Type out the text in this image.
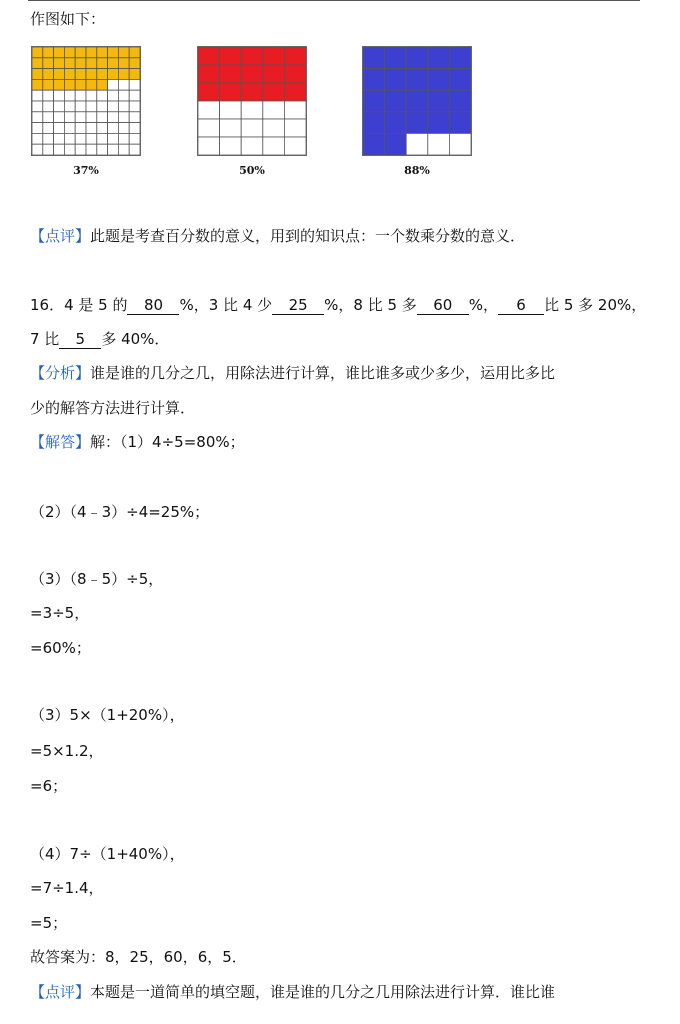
作图如下：
37%	50%	88%
【点评】此题是考查百分数的意义，用到的知识点：一个数乘分数的意义．
16．4 是 5 的 80 %，3 比 4 少 25 %，8 比 5 多 60 %， 6 比 5 多 20%，
7 比 5 多 40%．
【分析】谁是谁的几分之几，用除法进行计算，谁比谁多或少多少，运用比多比
少的解答方法进行计算．
【解答】解：（1）4÷5=80%；
（2）（4﹣3）÷4=25%；
（3）（8﹣5）÷5，
=3÷5，
=60%；
（3）5×（1+20%），
=5×1.2，
=6；
（4）7÷（1+40%），
=7÷1.4，
=5；
故答案为：8，25，60，6，5．
【点评】本题是一道简单的填空题，谁是谁的几分之几用除法进行计算．谁比谁
